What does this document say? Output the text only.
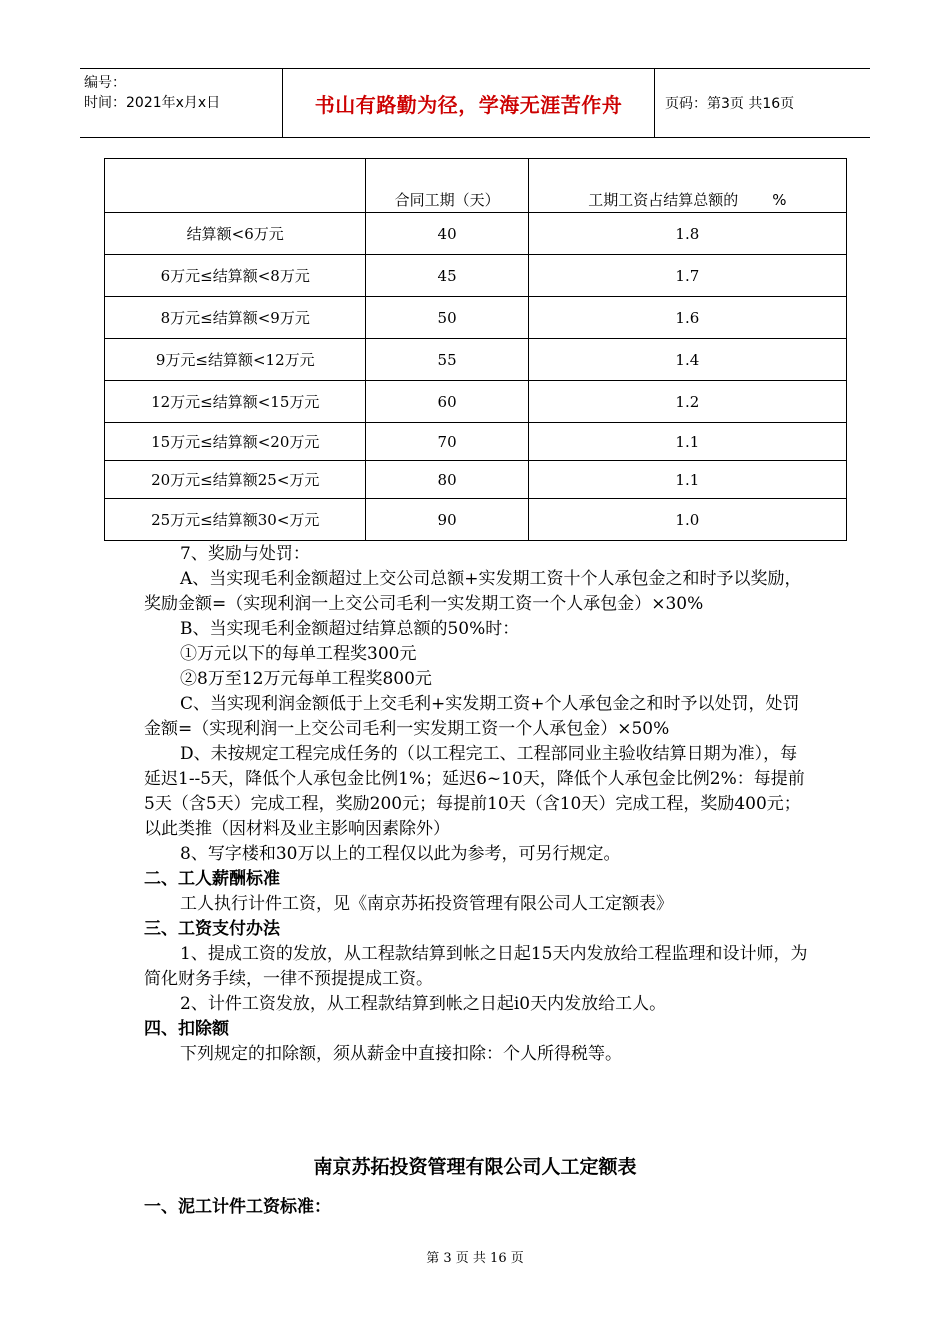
编号：
时间：2021年x月x日	书山有路勤为径，学海无涯苦作舟	页码：第3页 共16页
	合同工期（天）	工期工资占结算总额的 %
结算额<6万元	40	1.8
6万元≤结算额<8万元	45	1.7
8万元≤结算额<9万元	50	1.6
9万元≤结算额<12万元	55	1.4
12万元≤结算额<15万元	60	1.2
15万元≤结算额<20万元	70	1.1
20万元≤结算额25<万元	80	1.1
25万元≤结算额30<万元	90	1.0

7、奖励与处罚：

A、当实现毛利金额超过上交公司总额+实发期工资十个人承包金之和时予以奖励，奖励金额=（实现利润一上交公司毛利一实发期工资一个人承包金）×30%

B、当实现毛利金额超过结算总额的50%时：

①万元以下的每单工程奖300元

②8万至12万元每单工程奖800元

C、当实现利润金额低于上交毛利+实发期工资+个人承包金之和时予以处罚，处罚金额=（实现利润一上交公司毛利一实发期工资一个人承包金）×50%

D、未按规定工程完成任务的（以工程完工、工程部同业主验收结算日期为准），每延迟1--5天，降低个人承包金比例1%；延迟6~10天，降低个人承包金比例2%：每提前5天（含5天）完成工程，奖励200元；每提前10天（含10天）完成工程，奖励400元；以此类推（因材料及业主影响因素除外）

8、写字楼和30万以上的工程仅以此为参考，可另行规定。

二、工人薪酬标准

工人执行计件工资，见《南京苏拓投资管理有限公司人工定额表》

三、工资支付办法

1、提成工资的发放，从工程款结算到帐之日起15天内发放给工程监理和设计师，为简化财务手续，一律不预提提成工资。

2、计件工资发放，从工程款结算到帐之日起i0天内发放给工人。

四、扣除额

下列规定的扣除额，须从薪金中直接扣除：个人所得税等。

南京苏拓投资管理有限公司人工定额表
一、泥工计件工资标准：
第 3 页 共 16 页
